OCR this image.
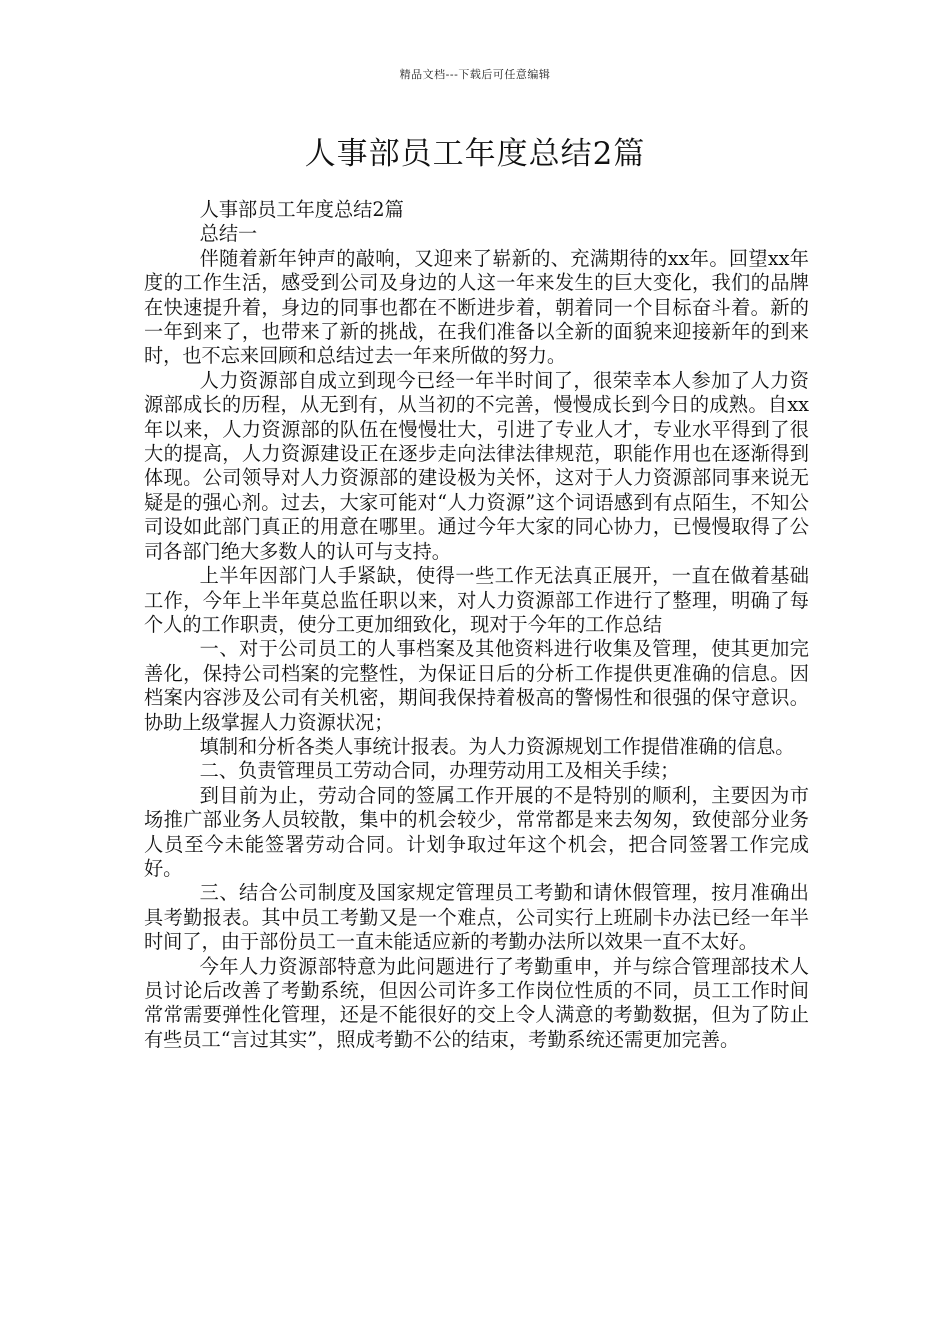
精品文档---下载后可任意编辑
人事部员工年度总结2篇

人事部员工年度总结2篇

总结一

伴随着新年钟声的敲响，又迎来了崭新的、充满期待的xx年。回望xx年度的工作生活，感受到公司及身边的人这一年来发生的巨大变化，我们的品牌在快速提升着，身边的同事也都在不断进步着，朝着同一个目标奋斗着。新的一年到来了，也带来了新的挑战，在我们准备以全新的面貌来迎接新年的到来时，也不忘来回顾和总结过去一年来所做的努力。

人力资源部自成立到现今已经一年半时间了，很荣幸本人参加了人力资源部成长的历程，从无到有，从当初的不完善，慢慢成长到今日的成熟。自xx年以来，人力资源部的队伍在慢慢壮大，引进了专业人才，专业水平得到了很大的提高，人力资源建设正在逐步走向法律法律规范，职能作用也在逐渐得到体现。公司领导对人力资源部的建设极为关怀，这对于人力资源部同事来说无疑是的强心剂。过去，大家可能对“人力资源”这个词语感到有点陌生，不知公司设如此部门真正的用意在哪里。通过今年大家的同心协力，已慢慢取得了公司各部门绝大多数人的认可与支持。

上半年因部门人手紧缺，使得一些工作无法真正展开，一直在做着基础工作，今年上半年莫总监任职以来，对人力资源部工作进行了整理，明确了每个人的工作职责，使分工更加细致化，现对于今年的工作总结

一、对于公司员工的人事档案及其他资料进行收集及管理，使其更加完善化，保持公司档案的完整性，为保证日后的分析工作提供更准确的信息。因档案内容涉及公司有关机密，期间我保持着极高的警惕性和很强的保守意识。协助上级掌握人力资源状况；

填制和分析各类人事统计报表。为人力资源规划工作提借准确的信息。

二、负责管理员工劳动合同，办理劳动用工及相关手续；

到目前为止，劳动合同的签属工作开展的不是特别的顺利，主要因为市场推广部业务人员较散，集中的机会较少，常常都是来去匆匆，致使部分业务人员至今未能签署劳动合同。计划争取过年这个机会，把合同签署工作完成好。

三、结合公司制度及国家规定管理员工考勤和请休假管理，按月准确出具考勤报表。其中员工考勤又是一个难点，公司实行上班刷卡办法已经一年半时间了，由于部份员工一直未能适应新的考勤办法所以效果一直不太好。

今年人力资源部特意为此问题进行了考勤重申，并与综合管理部技术人员讨论后改善了考勤系统，但因公司许多工作岗位性质的不同，员工工作时间常常需要弹性化管理，还是不能很好的交上令人满意的考勤数据，但为了防止有些员工“言过其实”，照成考勤不公的结束，考勤系统还需更加完善。
